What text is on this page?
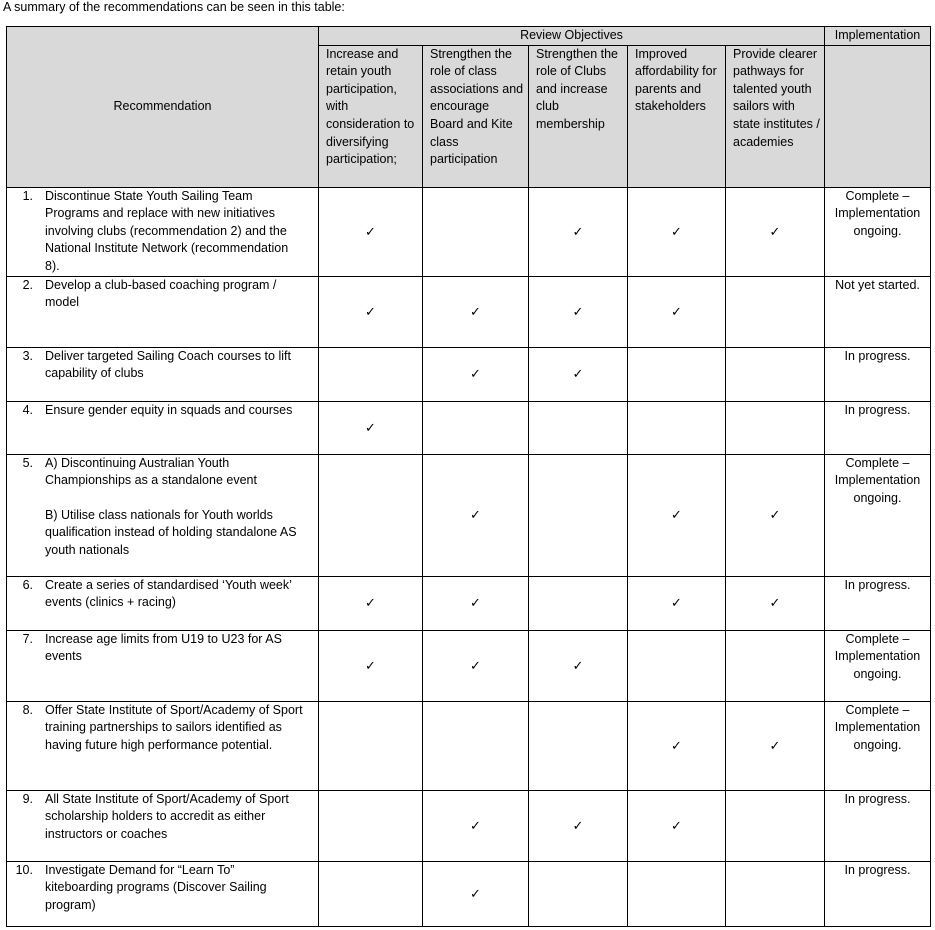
A summary of the recommendations can be seen in this table:
Recommendation	Review Objectives					Implementation
	Increase and retain youth participation, with consideration to diversifying participation;	Strengthen the role of class associations and encourage Board and Kite class participation	Strengthen the role of Clubs and increase club membership	Improved affordability for parents and stakeholders	Provide clearer pathways for talented youth sailors with state institutes / academies	
1. Discontinue State Youth Sailing Team Programs and replace with new initiatives involving clubs (recommendation 2) and the National Institute Network (recommendation 8).	✓		✓	✓	✓	Complete – Implementation ongoing.
2. Develop a club-based coaching program / model	✓	✓	✓	✓		Not yet started.
3. Deliver targeted Sailing Coach courses to lift capability of clubs		✓	✓			In progress.
4. Ensure gender equity in squads and courses	✓					In progress.
5. A) Discontinuing Australian Youth Championships as a standalone event
B) Utilise class nationals for Youth worlds qualification instead of holding standalone AS youth nationals		✓		✓	✓	Complete – Implementation ongoing.
6. Create a series of standardised ‘Youth week’ events (clinics + racing)	✓	✓		✓	✓	In progress.
7. Increase age limits from U19 to U23 for AS events	✓	✓	✓			Complete – Implementation ongoing.
8. Offer State Institute of Sport/Academy of Sport training partnerships to sailors identified as having future high performance potential.				✓	✓	Complete – Implementation ongoing.
9. All State Institute of Sport/Academy of Sport scholarship holders to accredit as either instructors or coaches		✓	✓	✓		In progress.
10. Investigate Demand for “Learn To” kiteboarding programs (Discover Sailing program)		✓				In progress.
